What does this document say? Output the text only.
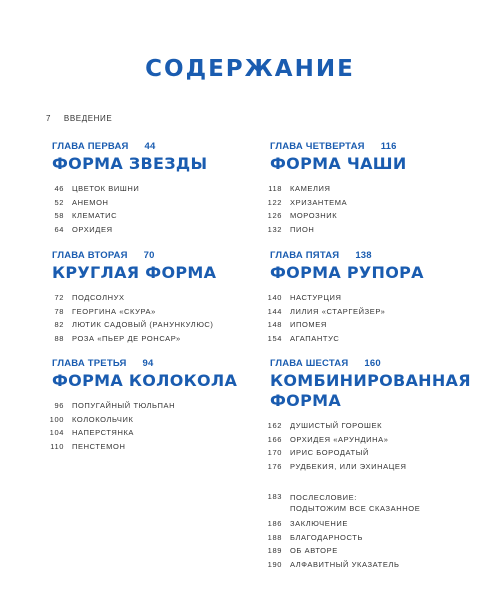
СОДЕРЖАНИЕ
7 ВВЕДЕНИЕ
ГЛАВА ПЕРВАЯ 44
ФОРМА ЗВЕЗДЫ
46 ЦВЕТОК ВИШНИ
52 АНЕМОН
58 КЛЕМАТИС
64 ОРХИДЕЯ
ГЛАВА ЧЕТВЕРТАЯ 116
ФОРМА ЧАШИ
118 КАМЕЛИЯ
122 ХРИЗАНТЕМА
126 МОРОЗНИК
132 ПИОН
ГЛАВА ВТОРАЯ 70
КРУГЛАЯ ФОРМА
72 ПОДСОЛНУХ
78 ГЕОРГИНА «СКУРА»
82 ЛЮТИК САДОВЫЙ (РАНУНКУЛЮС)
88 РОЗА «ПЬЕР ДЕ РОНСАР»
ГЛАВА ПЯТАЯ 138
ФОРМА РУПОРА
140 НАСТУРЦИЯ
144 ЛИЛИЯ «СТАРГЕЙЗЕР»
148 ИПОМЕЯ
154 АГАПАНТУС
ГЛАВА ТРЕТЬЯ 94
ФОРМА КОЛОКОЛА
96 ПОПУГАЙНЫЙ ТЮЛЬПАН
100 КОЛОКОЛЬЧИК
104 НАПЕРСТЯНКА
110 ПЕНСТЕМОН
ГЛАВА ШЕСТАЯ 160
КОМБИНИРОВАННАЯ ФОРМА
162 ДУШИСТЫЙ ГОРОШЕК
166 ОРХИДЕЯ «АРУНДИНА»
170 ИРИС БОРОДАТЫЙ
176 РУДБЕКИЯ, ИЛИ ЭХИНАЦЕЯ
183 ПОСЛЕСЛОВИЕ:
ПОДЫТОЖИМ ВСЕ СКАЗАННОЕ
186 ЗАКЛЮЧЕНИЕ
188 БЛАГОДАРНОСТЬ
189 ОБ АВТОРЕ
190 АЛФАВИТНЫЙ УКАЗАТЕЛЬ
